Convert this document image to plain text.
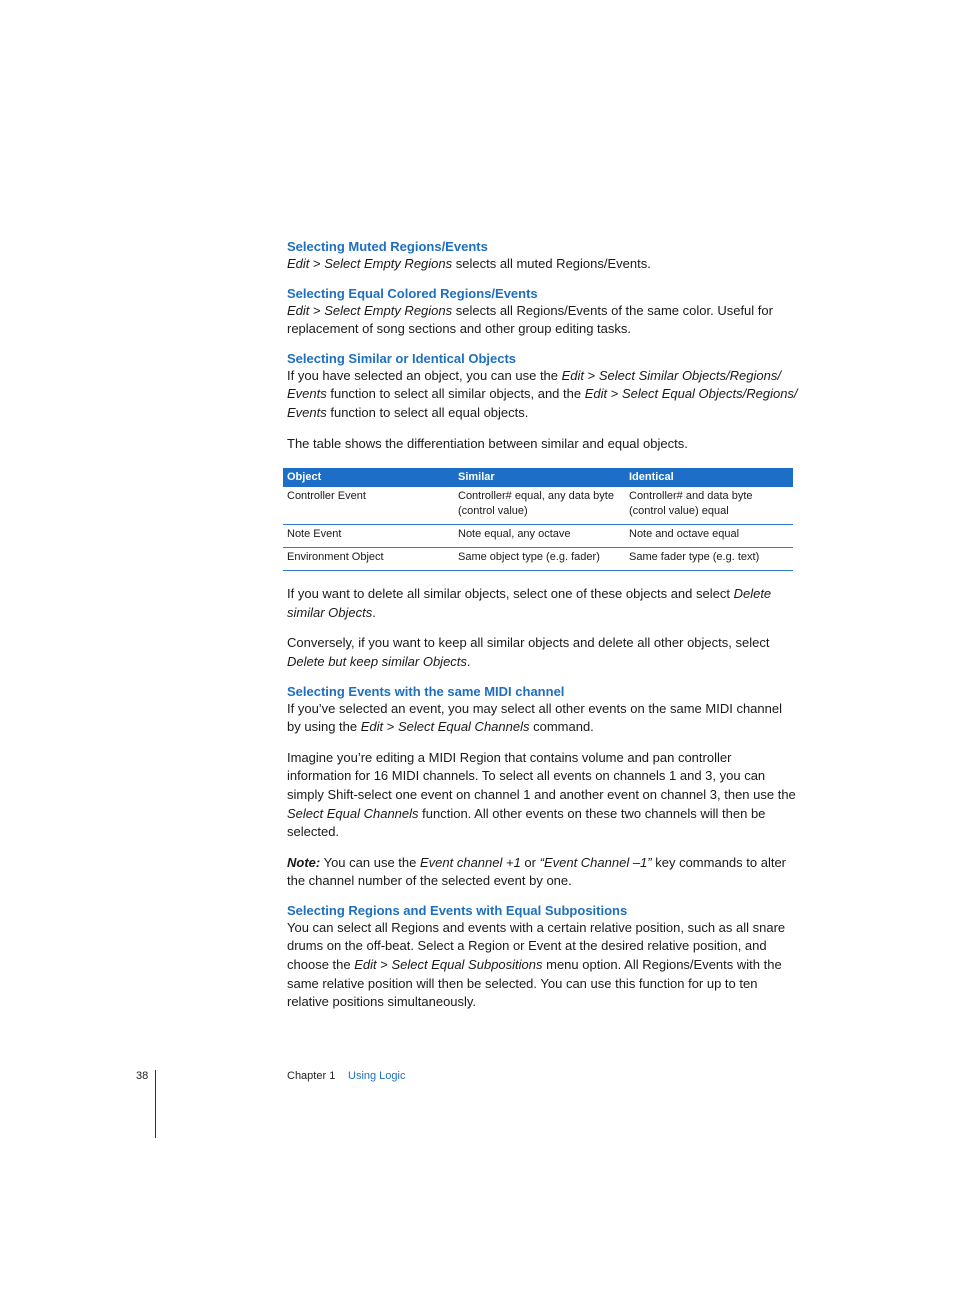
Selecting Muted Regions/Events

Edit > Select Empty Regions selects all muted Regions/Events.

Selecting Equal Colored Regions/Events

Edit > Select Empty Regions selects all Regions/Events of the same color. Useful for replacement of song sections and other group editing tasks.

Selecting Similar or Identical Objects

If you have selected an object, you can use the Edit > Select Similar Objects/Regions/ Events function to select all similar objects, and the Edit > Select Equal Objects/Regions/ Events function to select all equal objects.

The table shows the differentiation between similar and equal objects.

Object	Similar	Identical
Controller Event	Controller# equal, any data byte (control value)	Controller# and data byte (control value) equal
Note Event	Note equal, any octave	Note and octave equal
Environment Object	Same object type (e.g. fader)	Same fader type (e.g. text)

If you want to delete all similar objects, select one of these objects and select Delete similar Objects.

Conversely, if you want to keep all similar objects and delete all other objects, select Delete but keep similar Objects.

Selecting Events with the same MIDI channel

If you’ve selected an event, you may select all other events on the same MIDI channel by using the Edit > Select Equal Channels command.

Imagine you’re editing a MIDI Region that contains volume and pan controller information for 16 MIDI channels. To select all events on channels 1 and 3, you can simply Shift-select one event on channel 1 and another event on channel 3, then use the Select Equal Channels function. All other events on these two channels will then be selected.

Note: You can use the Event channel +1 or “Event Channel –1” key commands to alter the channel number of the selected event by one.

Selecting Regions and Events with Equal Subpositions

You can select all Regions and events with a certain relative position, such as all snare drums on the off-beat. Select a Region or Event at the desired relative position, and choose the Edit > Select Equal Subpositions menu option. All Regions/Events with the same relative position will then be selected. You can use this function for up to ten relative positions simultaneously.

38	Chapter 1 Using Logic
